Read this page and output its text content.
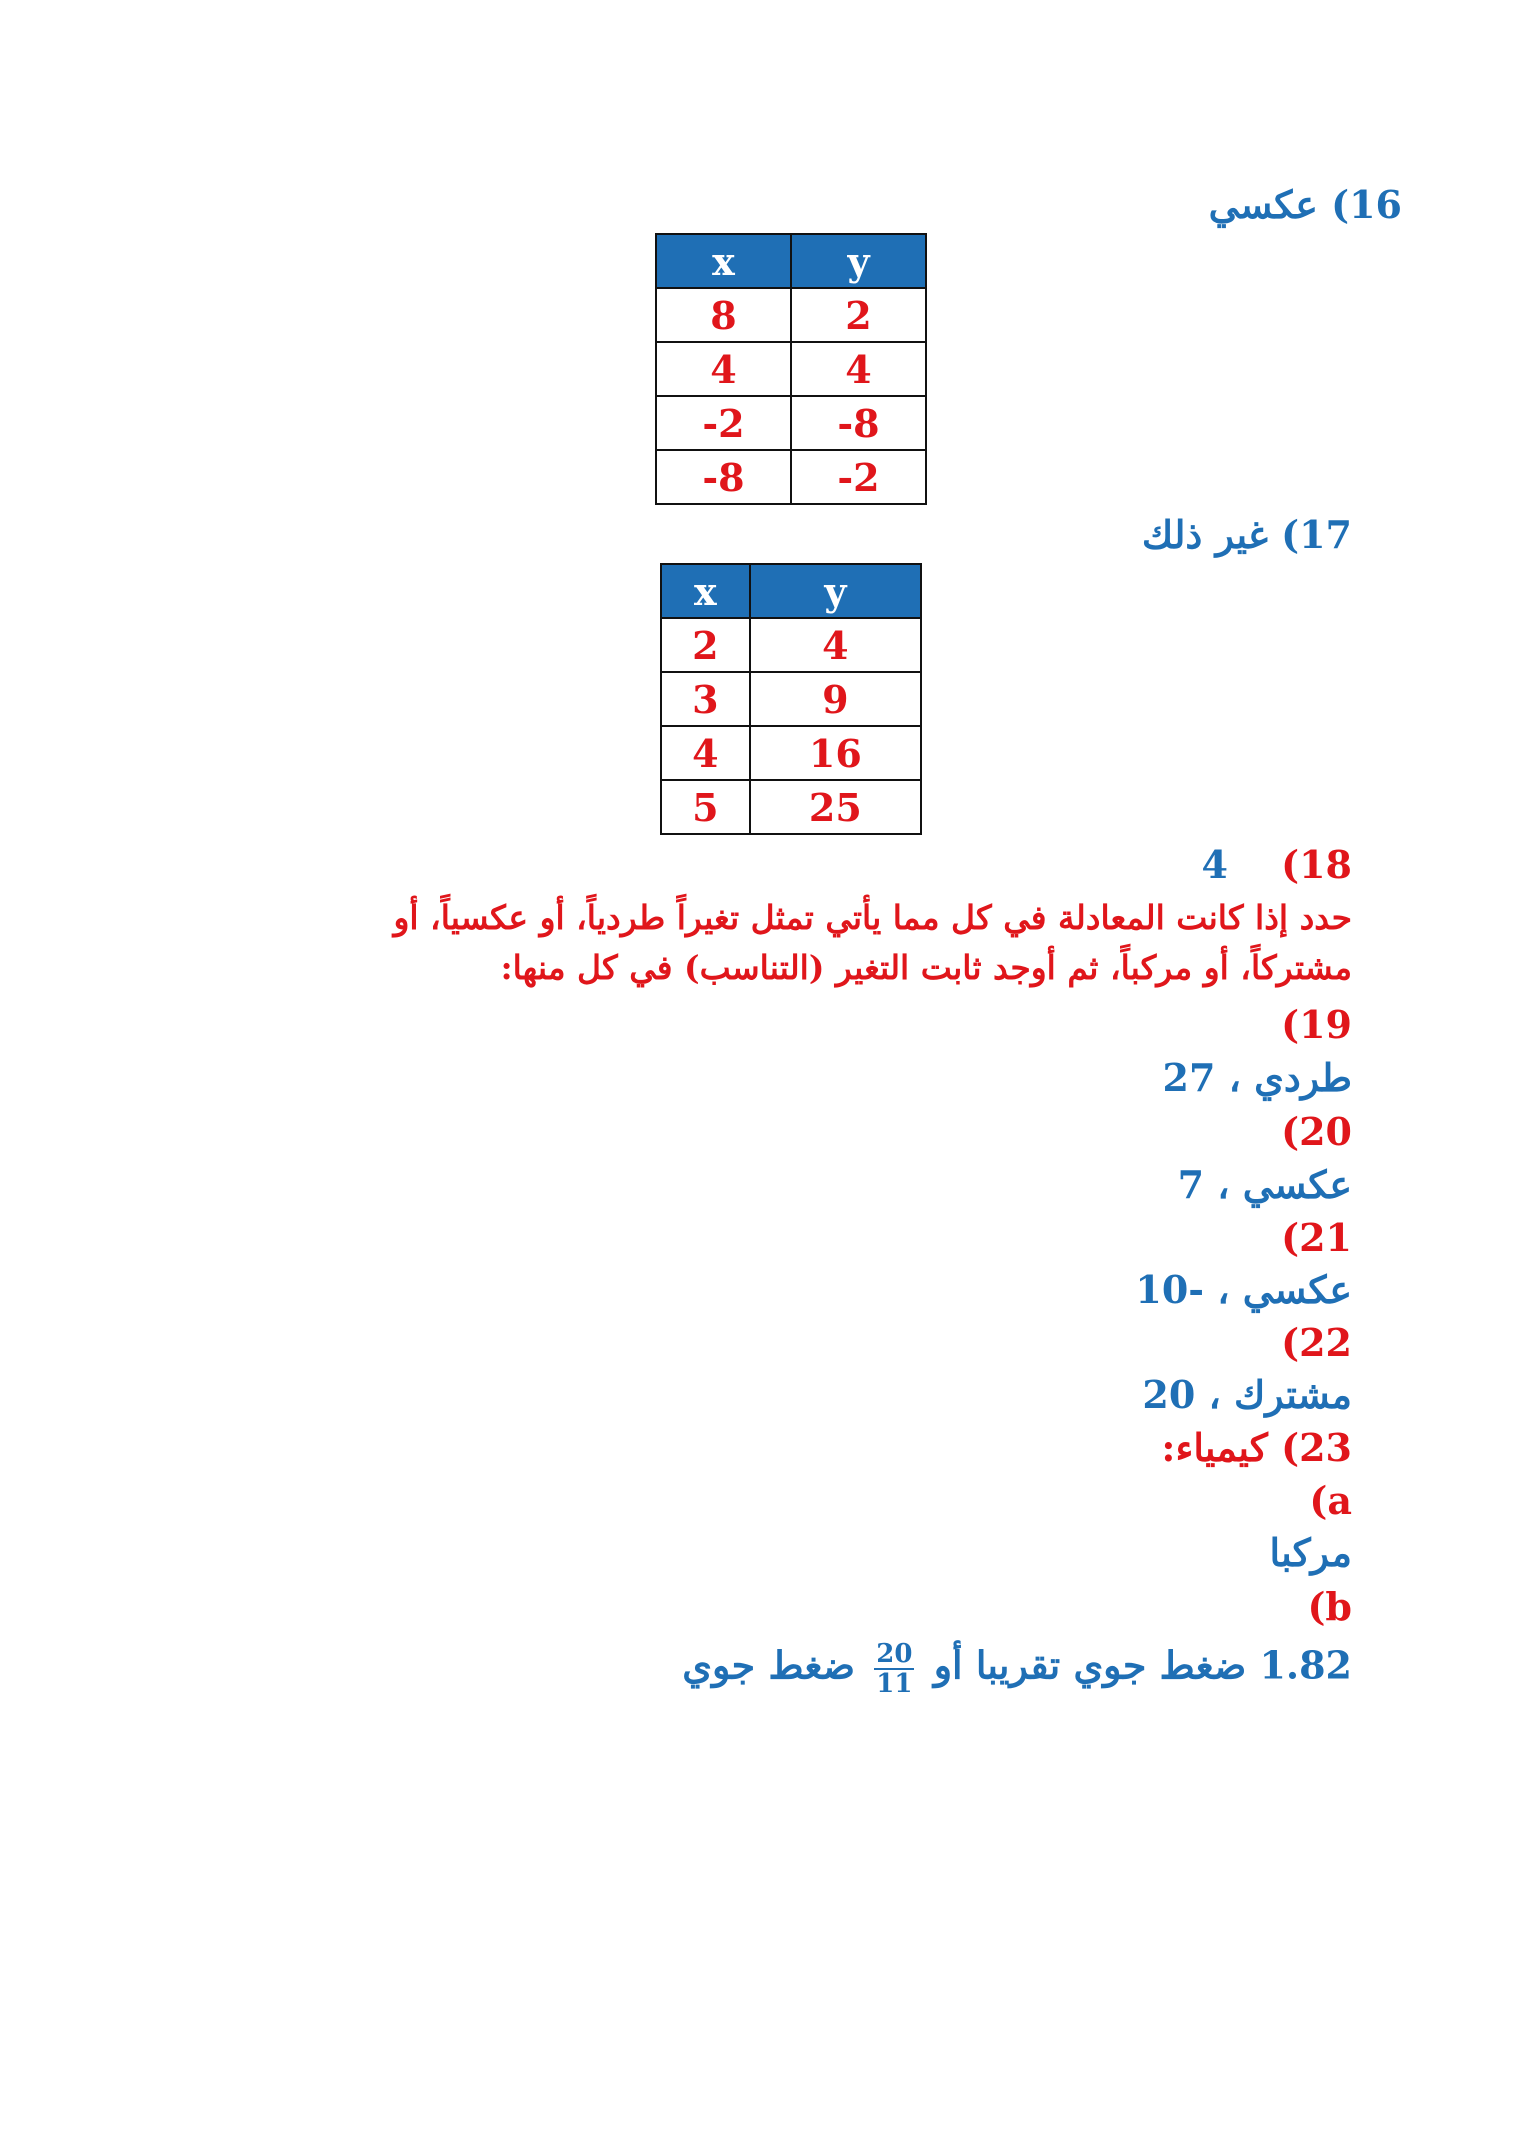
16) عكسي
x	y
8	2
4	4
-2	-8
-8	-2
17) غير ذلك
x	y
2	4
3	9
4	16
5	25
18) 4
حدد إذا كانت المعادلة في كل مما يأتي تمثل تغيراً طردياً، أو عكسياً، أو
مشتركاً، أو مركباً، ثم أوجد ثابت التغير (التناسب) في كل منها:
19)
طردي ، 27
20)
عكسي ، 7
21)
عكسي ، -10
22)
مشترك ، 20
23) كيمياء:
a)
مركبا
b)
1.82 ضغط جوي تقريبا أو
$\frac{20}{11}$
ضغط جوي
